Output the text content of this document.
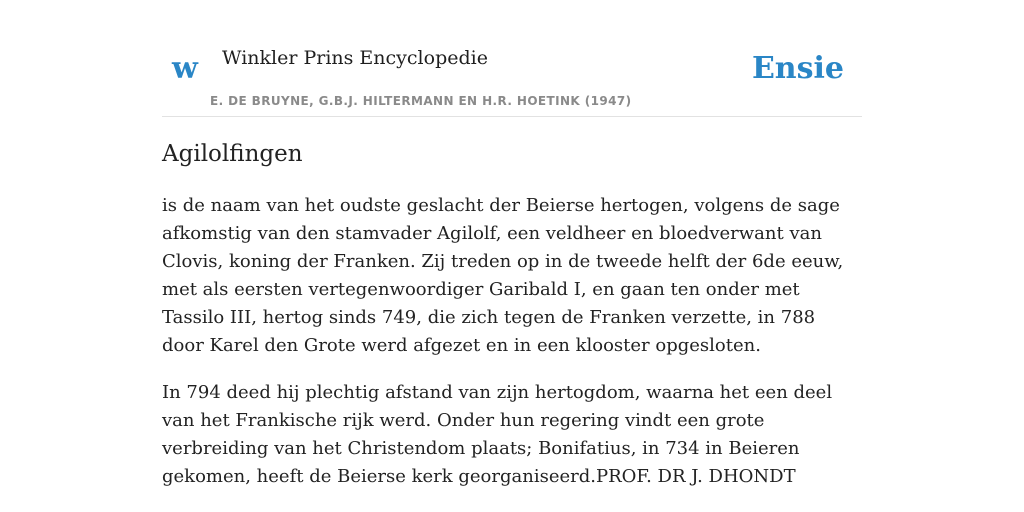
w Winkler Prins Encyclopedie
E. DE BRUYNE, G.B.J. HILTERMANN EN H.R. HOETINK (1947)
Ensie
Agilolfingen

is de naam van het oudste geslacht der Beierse hertogen, volgens de sage afkomstig van den stamvader Agilolf, een veldheer en bloedverwant van Clovis, koning der Franken. Zij treden op in de tweede helft der 6de eeuw, met als eersten vertegenwoordiger Garibald I, en gaan ten onder met Tassilo III, hertog sinds 749, die zich tegen de Franken verzette, in 788 door Karel den Grote werd afgezet en in een klooster opgesloten.

In 794 deed hij plechtig afstand van zijn hertogdom, waarna het een deel van het Frankische rijk werd. Onder hun regering vindt een grote verbreiding van het Christendom plaats; Bonifatius, in 734 in Beieren gekomen, heeft de Beierse kerk georganiseerd.PROF. DR J. DHONDT
